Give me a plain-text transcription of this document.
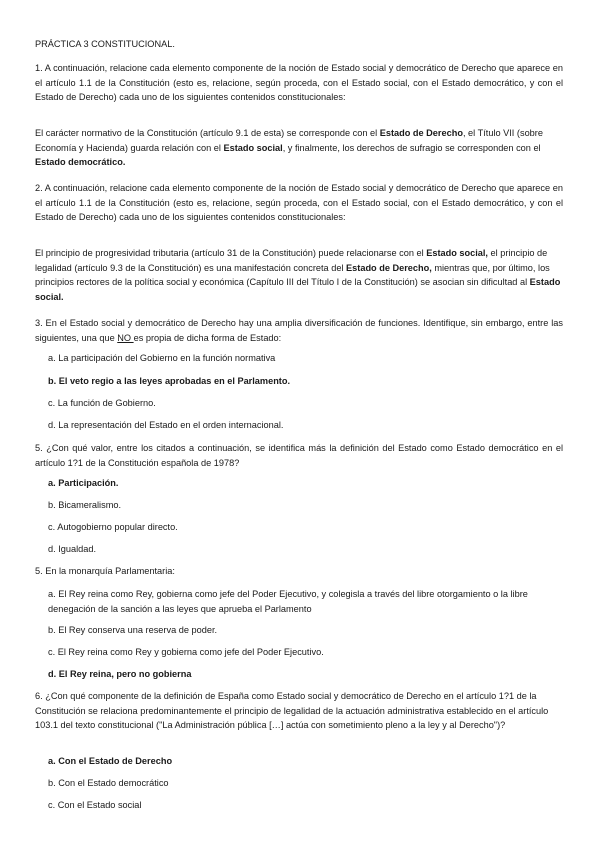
PRÁCTICA 3 CONSTITUCIONAL.

1. A continuación, relacione cada elemento componente de la noción de Estado social y democrático de Derecho que aparece en el artículo 1.1 de la Constitución (esto es, relacione, según proceda, con el Estado social, con el Estado democrático, y con el Estado de Derecho) cada uno de los siguientes contenidos constitucionales:

El carácter normativo de la Constitución (artículo 9.1 de esta) se corresponde con el Estado de Derecho, el Título VII (sobre Economía y Hacienda) guarda relación con el Estado social, y finalmente, los derechos de sufragio se corresponden con el Estado democrático.

2. A continuación, relacione cada elemento componente de la noción de Estado social y democrático de Derecho que aparece en el artículo 1.1 de la Constitución (esto es, relacione, según proceda, con el Estado social, con el Estado democrático, y con el Estado de Derecho) cada uno de los siguientes contenidos constitucionales:

El principio de progresividad tributaria (artículo 31 de la Constitución) puede relacionarse con el Estado social, el principio de legalidad (artículo 9.3 de la Constitución) es una manifestación concreta del Estado de Derecho, mientras que, por último, los principios rectores de la política social y económica (Capítulo III del Título I de la Constitución) se asocian sin dificultad al Estado social.

3. En el Estado social y democrático de Derecho hay una amplia diversificación de funciones. Identifique, sin embargo, entre las siguientes, una que NO es propia de dicha forma de Estado:

a. La participación del Gobierno en la función normativa

b. El veto regio a las leyes aprobadas en el Parlamento.

c. La función de Gobierno.

d. La representación del Estado en el orden internacional.

5. ¿Con qué valor, entre los citados a continuación, se identifica más la definición del Estado como Estado democrático en el artículo 1?1 de la Constitución española de 1978?

a. Participación.

b. Bicameralismo.

c. Autogobierno popular directo.

d. Igualdad.

5. En la monarquía Parlamentaria:

a. El Rey reina como Rey, gobierna como jefe del Poder Ejecutivo, y colegisla a través del libre otorgamiento o la libre denegación de la sanción a las leyes que aprueba el Parlamento

b. El Rey conserva una reserva de poder.

c. El Rey reina como Rey y gobierna como jefe del Poder Ejecutivo.

d. El Rey reina, pero no gobierna

6. ¿Con qué componente de la definición de España como Estado social y democrático de Derecho en el artículo 1?1 de la Constitución se relaciona predominantemente el principio de legalidad de la actuación administrativa establecido en el artículo 103.1 del texto constitucional ("La Administración pública […] actúa con sometimiento pleno a la ley y al Derecho")?

a. Con el Estado de Derecho

b. Con el Estado democrático

c. Con el Estado social
